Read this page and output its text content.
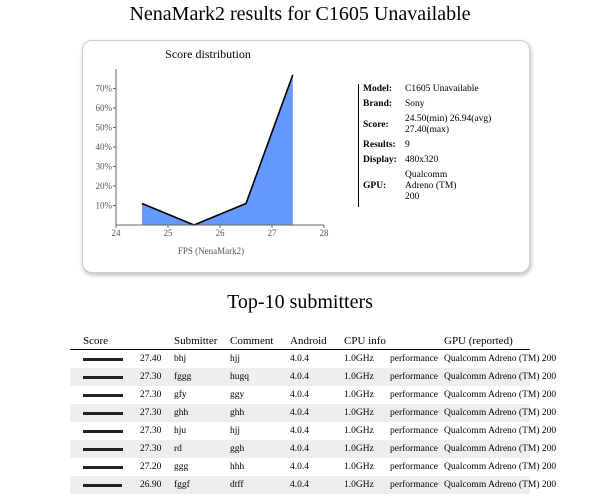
NenaMark2 results for C1605 Unavailable
Score distribution
10%
20%
30%
40%
50%
60%
70%
24	25	26	27	28
FPS (NenaMark2)
Model:	C1605 Unavailable
Brand:	Sony
Score:
24.50(min) 26.94(avg) 27.40(max)
Results: 9
Display: 480x320
GPU:
Qualcomm Adreno (TM) 200
Top-10 submitters
Score		Submitter	Comment	Android	CPU info		GPU (reported)

	27.40	bhj	hjj	4.0.4	1.0GHz	performance	Qualcomm Adreno (TM) 200

	27.30	fggg	hugq	4.0.4	1.0GHz	performance	Qualcomm Adreno (TM) 200

	27.30	gfy	ggy	4.0.4	1.0GHz	performance	Qualcomm Adreno (TM) 200

	27.30	ghh	ghh	4.0.4	1.0GHz	performance	Qualcomm Adreno (TM) 200

	27.30	hju	hjj	4.0.4	1.0GHz	performance	Qualcomm Adreno (TM) 200

	27.30	rd	ggh	4.0.4	1.0GHz	performance	Qualcomm Adreno (TM) 200

	27.20	ggg	hhh	4.0.4	1.0GHz	performance	Qualcomm Adreno (TM) 200

	26.90	fggf	dtff	4.0.4	1.0GHz	performance	Qualcomm Adreno (TM) 200
